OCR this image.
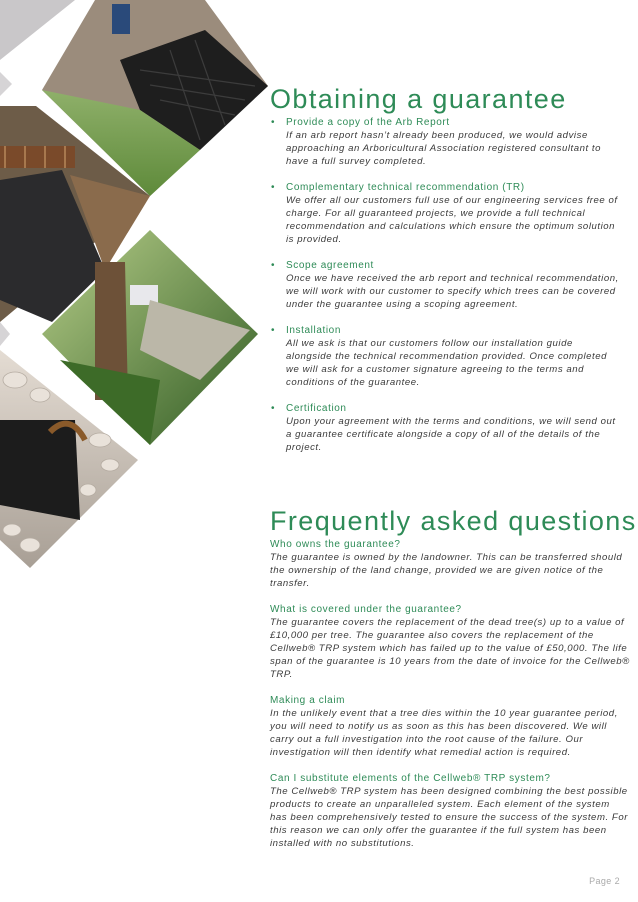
Obtaining a guarantee
• Provide a copy of the Arb Report
If an arb report hasn’t already been produced, we would advise approaching an Arboricultural Association registered consultant to have a full survey completed.
• Complementary technical recommendation (TR)
We offer all our customers full use of our engineering services free of charge. For all guaranteed projects, we provide a full technical recommendation and calculations which ensure the optimum solution is provided.
• Scope agreement
Once we have received the arb report and technical recommendation, we will work with our customer to specify which trees can be covered under the guarantee using a scoping agreement.
• Installation
All we ask is that our customers follow our installation guide alongside the technical recommendation provided. Once completed we will ask for a customer signature agreeing to the terms and conditions of the guarantee.
• Certification
Upon your agreement with the terms and conditions, we will send out a guarantee certificate alongside a copy of all of the details of the project.
Frequently asked questions
Who owns the guarantee?
The guarantee is owned by the landowner. This can be transferred should the ownership of the land change, provided we are given notice of the transfer.
What is covered under the guarantee?
The guarantee covers the replacement of the dead tree(s) up to a value of £10,000 per tree. The guarantee also covers the replacement of the Cellweb® TRP system which has failed up to the value of £50,000. The life span of the guarantee is 10 years from the date of invoice for the Cellweb® TRP.
Making a claim
In the unlikely event that a tree dies within the 10 year guarantee period, you will need to notify us as soon as this has been discovered. We will carry out a full investigation into the root cause of the failure. Our investigation will then identify what remedial action is required.
Can I substitute elements of the Cellweb® TRP system?
The Cellweb® TRP system has been designed combining the best possible products to create an unparalleled system. Each element of the system has been comprehensively tested to ensure the success of the system. For this reason we can only offer the guarantee if the full system has been installed with no substitutions.
Page 2
